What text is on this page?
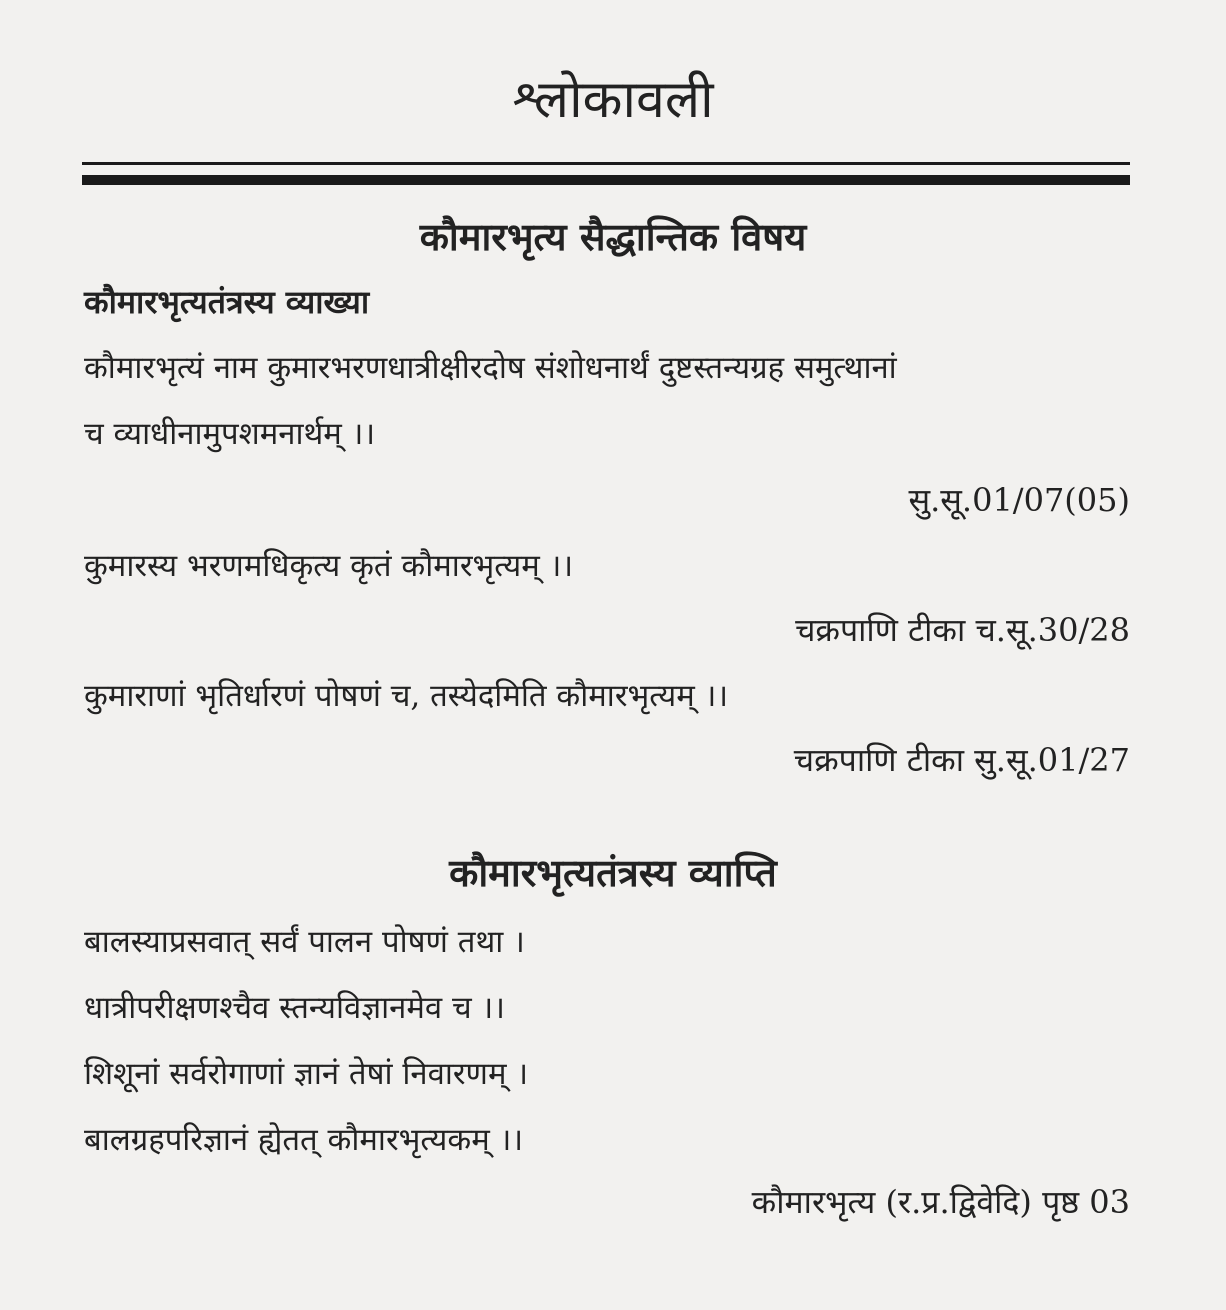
श्लोकावली
कौमारभृत्य सैद्धान्तिक विषय
कौमारभृत्यतंत्रस्य व्याख्या
कौमारभृत्यं नाम कुमारभरणधात्रीक्षीरदोष संशोधनार्थं दुष्टस्तन्यग्रह समुत्थानां
च व्याधीनामुपशमनार्थम् ।।
सु.सू.01/07(05)
कुमारस्य भरणमधिकृत्य कृतं कौमारभृत्यम् ।।
चक्रपाणि टीका च.सू.30/28
कुमाराणां भृतिर्धारणं पोषणं च, तस्येदमिति कौमारभृत्यम् ।।
चक्रपाणि टीका सु.सू.01/27
कौमारभृत्यतंत्रस्य व्याप्ति
बालस्याप्रसवात् सर्वं पालन पोषणं तथा ।
धात्रीपरीक्षणश्चैव स्तन्यविज्ञानमेव च ।।
शिशूनां सर्वरोगाणां ज्ञानं तेषां निवारणम् ।
बालग्रहपरिज्ञानं ह्येतत् कौमारभृत्यकम् ।।
कौमारभृत्य (र.प्र.द्विवेदि) पृष्ठ 03
